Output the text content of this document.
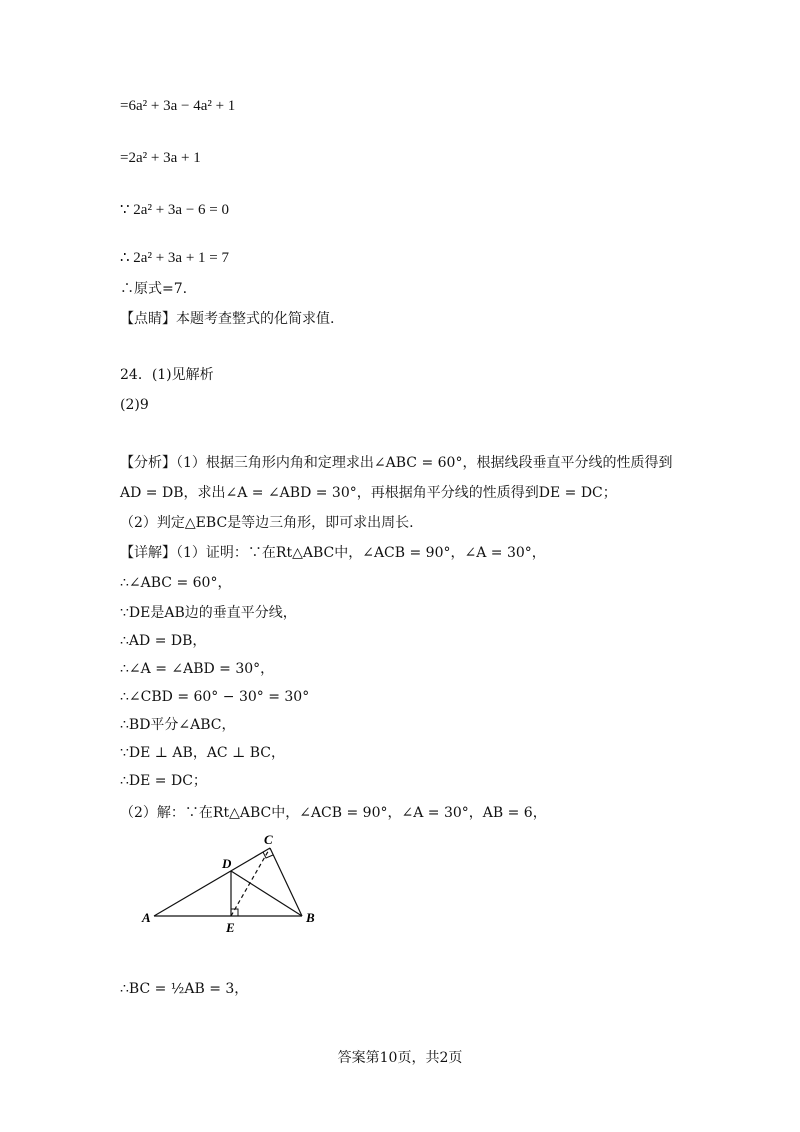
=6a² + 3a − 4a² + 1
=2a² + 3a + 1
∵ 2a² + 3a − 6 = 0
∴ 2a² + 3a + 1 = 7
∴原式=7.
【点睛】本题考查整式的化简求值.
24．(1)见解析
(2)9
【分析】（1）根据三角形内角和定理求出∠ABC = 60°，根据线段垂直平分线的性质得到
AD = DB，求出∠A = ∠ABD = 30°，再根据角平分线的性质得到DE = DC；
（2）判定△EBC是等边三角形，即可求出周长.
【详解】（1）证明：∵在Rt△ABC中，∠ACB = 90°，∠A = 30°，
∴∠ABC = 60°，
∵DE是AB边的垂直平分线，
∴AD = DB，
∴∠A = ∠ABD = 30°，
∴∠CBD = 60° − 30° = 30°
∴BD平分∠ABC，
∵DE ⊥ AB，AC ⊥ BC，
∴DE = DC；
（2）解：∵在Rt△ABC中，∠ACB = 90°，∠A = 30°，AB = 6，
A	B
C
D
E
∴BC = ½AB = 3，
答案第10页，共2页
